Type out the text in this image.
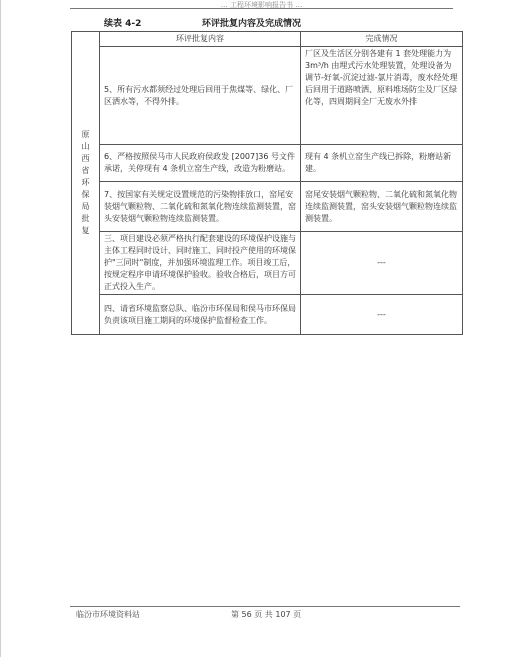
… 工程环境影响报告书 …
续表 4-2	环评批复内容及完成情况
原山西省环保局批复	环评批复内容	完成情况
	5、所有污水都须经过处理后回用于焦煤等、绿化、厂区洒水等，不得外排。	厂区及生活区分别各建有 1 套处理能力为 3m³/h 由埋式污水处理装置，处理设备为调节-好氧-沉淀过滤-氯片消毒，废水经处理后回用于道路喷洒、原料堆场防尘及厂区绿化等，四周期间全厂无废水外排
	6、严格按照侯马市人民政府侯政发 [2007]36 号文件承诺，关停现有 4 条机立窑生产线，改造为粉磨站。	现有 4 条机立窑生产线已拆除，粉磨站新建。
	7、按国家有关规定设置规范的污染物排放口，窑尾安装烟气颗粒物、二氧化硫和氮氧化物连续监测装置，窑头安装烟气颗粒物连续监测装置。	窑尾安装烟气颗粒物、二氧化硫和氮氧化物连续监测装置，窑头安装烟气颗粒物连续监测装置。
	三、项目建设必须严格执行配套建设的环境保护设施与主体工程同时设计、同时施工、同时投产使用的环境保护"三同时"制度，并加强环境监理工作。项目竣工后，按规定程序申请环境保护验收。验收合格后，项目方可正式投入生产。	---
	四、请省环境监察总队、临汾市环保局和侯马市环保局负责该项目施工期间的环境保护监督检查工作。	---
临汾市环境资料站	第 56 页 共 107 页
